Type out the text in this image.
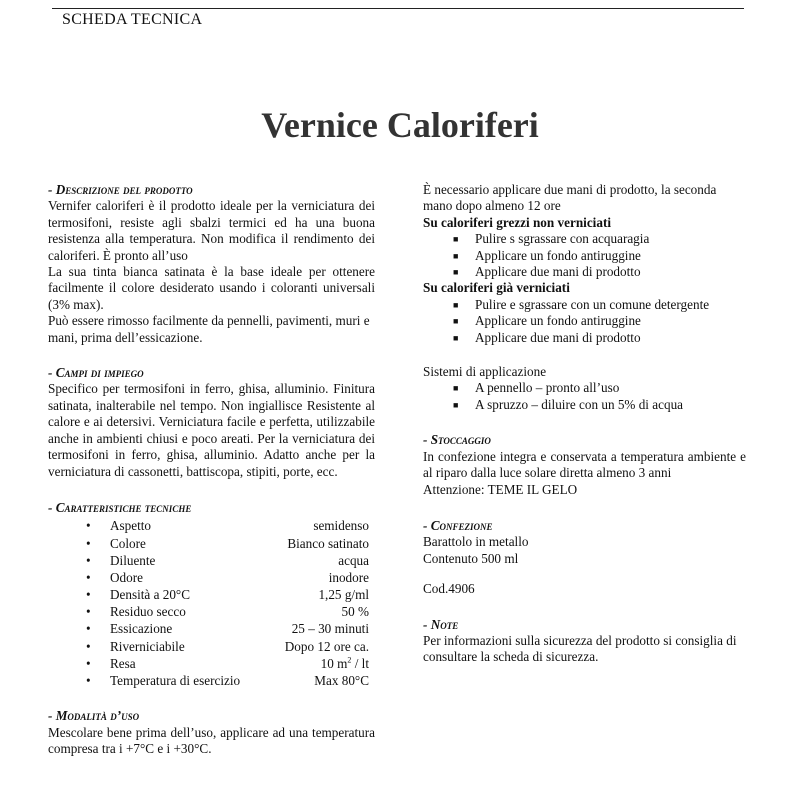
SCHEDA TECNICA
Vernice Caloriferi
- Descrizione del prodotto

Vernifer caloriferi è il prodotto ideale per la verniciatura dei termosifoni, resiste agli sbalzi termici ed ha una buona resistenza alla temperatura. Non modifica il rendimento dei caloriferi. È pronto all’uso

La sua tinta bianca satinata è la base ideale per ottenere facilmente il colore desiderato usando i coloranti universali (3% max).

Può essere rimosso facilmente da pennelli, pavimenti, muri e mani, prima dell’essicazione.

- Campi di impiego

Specifico per termosifoni in ferro, ghisa, alluminio. Finitura satinata, inalterabile nel tempo. Non ingiallisce Resistente al calore e ai detersivi. Verniciatura facile e perfetta, utilizzabile anche in ambienti chiusi e poco areati. Per la verniciatura dei termosifoni in ferro, ghisa, alluminio. Adatto anche per la verniciatura di cassonetti, battiscopa, stipiti, porte, ecc.

- Caratteristiche tecniche
• Aspetto	semidenso
• Colore	Bianco satinato
• Diluente	acqua
• Odore	inodore
• Densità a 20°C	1,25 g/ml
• Residuo secco	50 %
• Essicazione	25 – 30 minuti
• Riverniciabile	Dopo 12 ore ca.
• Resa	10 $m^2$ / lt
• Temperatura di esercizio	Max 80°C
- Modalità d’uso

Mescolare bene prima dell’uso, applicare ad una temperatura compresa tra i +7°C e i +30°C.

È necessario applicare due mani di prodotto, la seconda mano dopo almeno 12 ore

Su caloriferi grezzi non verniciati
■ Pulire s sgrassare con acquaragia
■ Applicare un fondo antiruggine
■ Applicare due mani di prodotto
Su caloriferi già verniciati
■ Pulire e sgrassare con un comune detergente
■ Applicare un fondo antiruggine
■ Applicare due mani di prodotto
Sistemi di applicazione
■ A pennello – pronto all’uso
■ A spruzzo – diluire con un 5% di acqua
- Stoccaggio

In confezione integra e conservata a temperatura ambiente e al riparo dalla luce solare diretta almeno 3 anni

Attenzione: TEME IL GELO

- Confezione

Barattolo in metallo

Contenuto 500 ml

Cod.4906

- Note

Per informazioni sulla sicurezza del prodotto si consiglia di consultare la scheda di sicurezza.
